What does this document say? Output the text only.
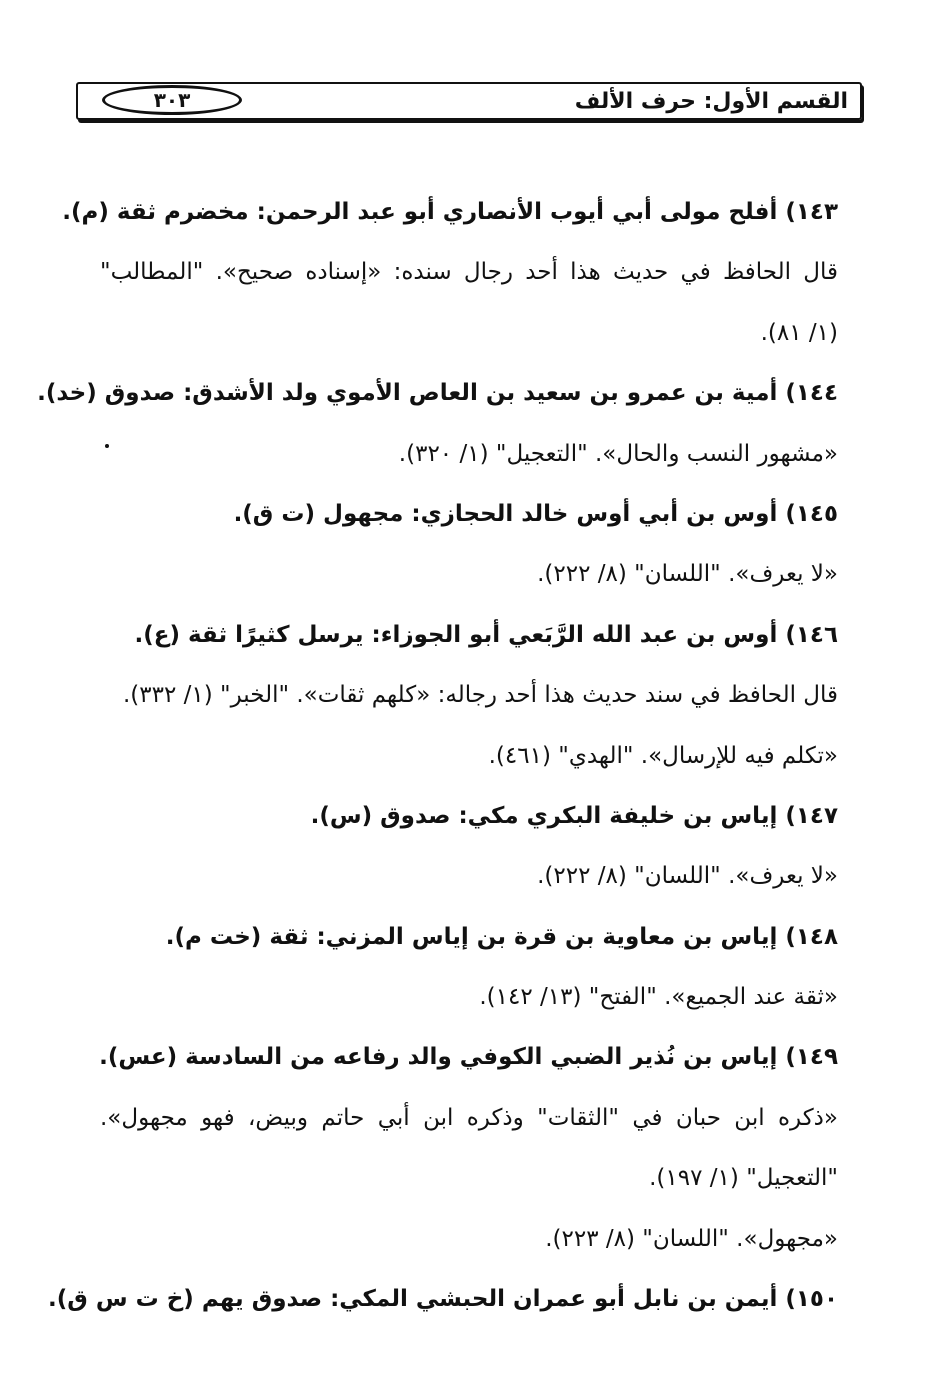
القسم الأول: حرف الألف
٣٠٣
١٤٣) أفلح مولى أبي أيوب الأنصاري أبو عبد الرحمن: مخضرم ثقة (م).
قال الحافظ في حديث هذا أحد رجال سنده: «إسناده صحيح». "المطالب"
(١/ ٨١).
١٤٤) أمية بن عمرو بن سعيد بن العاص الأموي ولد الأشدق: صدوق (خد).
«مشهور النسب والحال». "التعجيل" (١/ ٣٢٠).
١٤٥) أوس بن أبي أوس خالد الحجازي: مجهول (ت ق).
«لا يعرف». "اللسان" (٨/ ٢٢٢).
١٤٦) أوس بن عبد الله الرَّبَعي أبو الجوزاء: يرسل كثيرًا ثقة (ع).
قال الحافظ في سند حديث هذا أحد رجاله: «كلهم ثقات». "الخبر" (١/ ٣٣٢).
«تكلم فيه للإرسال». "الهدي" (٤٦١).
١٤٧) إياس بن خليفة البكري مكي: صدوق (س).
«لا يعرف». "اللسان" (٨/ ٢٢٢).
١٤٨) إياس بن معاوية بن قرة بن إياس المزني: ثقة (خت م).
«ثقة عند الجميع». "الفتح" (١٣/ ١٤٢).
١٤٩) إياس بن نُذير الضبي الكوفي والد رفاعه من السادسة (عس).
«ذكره ابن حبان في "الثقات" وذكره ابن أبي حاتم وبيض، فهو مجهول».
"التعجيل" (١/ ١٩٧).
«مجهول». "اللسان" (٨/ ٢٢٣).
١٥٠) أيمن بن نابل أبو عمران الحبشي المكي: صدوق يهم (خ ت س ق).
